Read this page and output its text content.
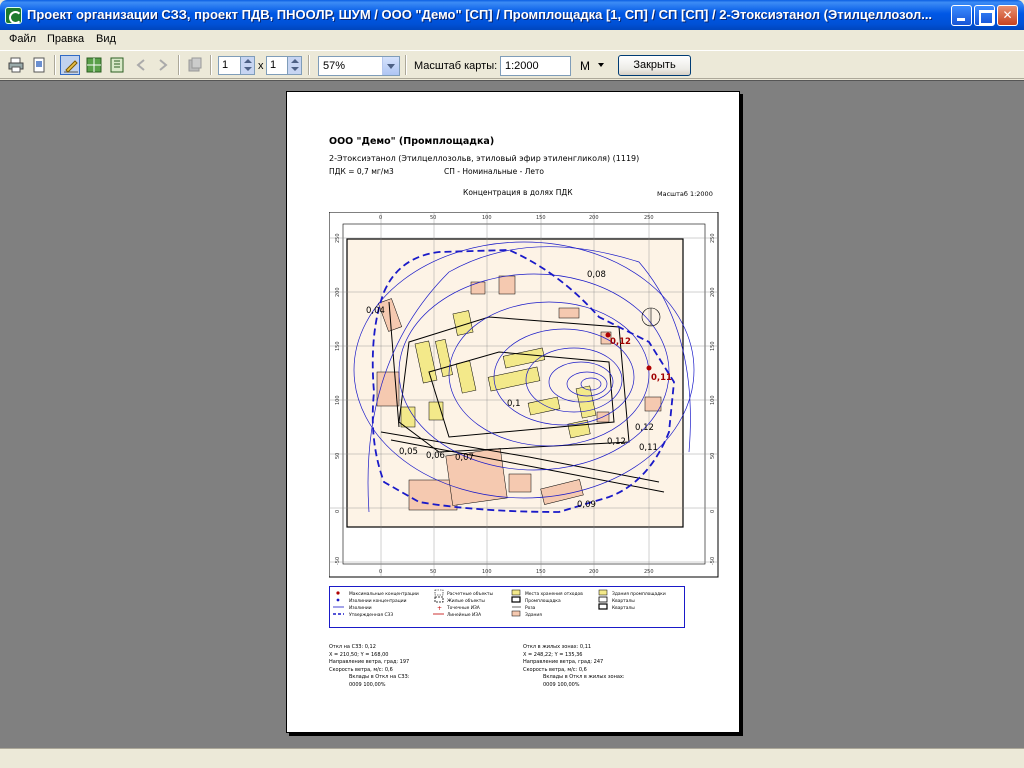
Проект организации СЗЗ, проект ПДВ, ПНООЛР, ШУМ / ООО "Демо" [СП] / Промплощадка [1, СП] / СП [СП] / 2-Этоксиэтанол (Этилцеллозол...	✕
Файл Правка Вид
1	x 1	57%	Масштаб карты: 1:2000	М	Закрыть
ООО "Демо" (Промплощадка)
2-Этоксиэтанол (Этилцеллозольв, этиловый эфир этиленгликоля) (1119)
ПДК = 0,7 мг/м3	СП - Номинальные - Лето
Концентрация в долях ПДК	Масштаб 1:2000
0,08
0,04
0,12
0,11
0,1
0,12
0,12
0,11
0,05 0,06 0,07
0,09
0	50	100	150	200	250
0	50	100	150	200	250
250
200
150
100
50
0
-50
250
200
150
100
50
0
-50
Максимальные концентрации
Изолинии концентрации
Изолинии
Утвержденная СЗЗ
Расчетные объекты
Жилые объекты
+ Точечные ИЗА
Линейные ИЗА
Места хранения отходов
Промплощадка
Роза
Здания
Здания промплощадки
Кварталы
Кварталы
Откл на СЗЗ: 0,12
X = 210,50; Y = 168,00
Направление ветра, град: 197
Скорость ветра, м/с: 0,6
Вклады в Откл на СЗЗ:
0009 100,00%
Откл в жилых зонах: 0,11
X = 248,22; Y = 135,36
Направление ветра, град: 247
Скорость ветра, м/с: 0,6
Вклады в Откл в жилых зонах:
0009 100,00%
